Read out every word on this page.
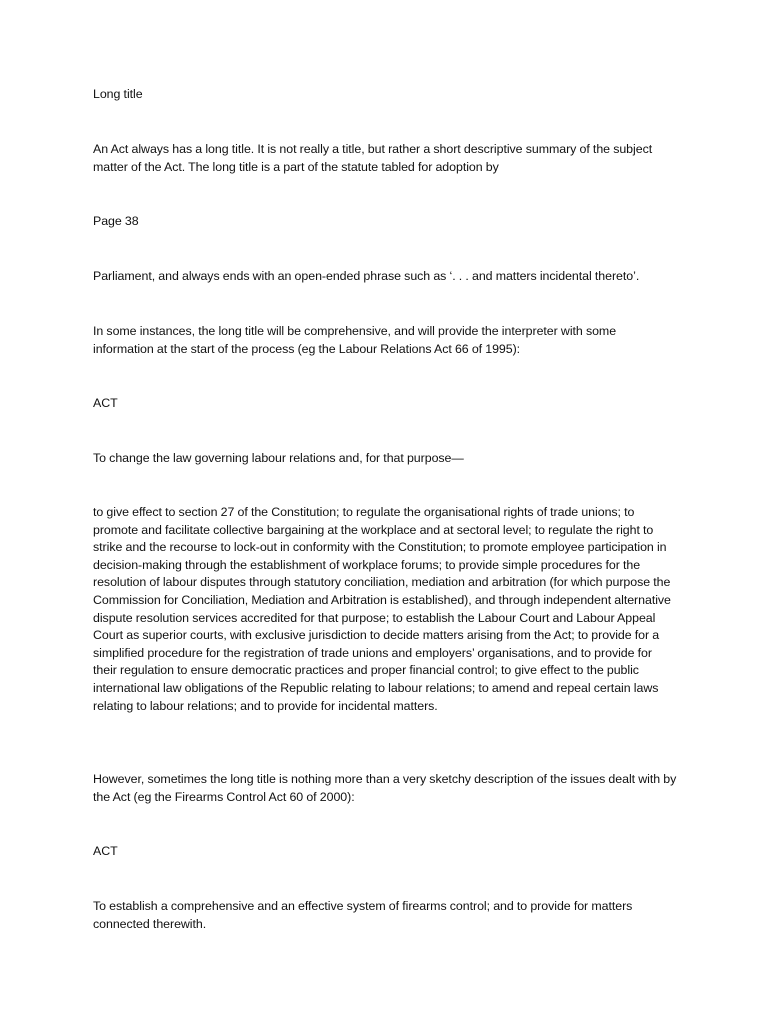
Long title

An Act always has a long title. It is not really a title, but rather a short descriptive summary of the subject matter of the Act. The long title is a part of the statute tabled for adoption by

Page 38

Parliament, and always ends with an open-ended phrase such as ‘. . . and matters incidental thereto’.

In some instances, the long title will be comprehensive, and will provide the interpreter with some information at the start of the process (eg the Labour Relations Act 66 of 1995):

ACT

To change the law governing labour relations and, for that purpose—

to give effect to section 27 of the Constitution; to regulate the organisational rights of trade unions; to promote and facilitate collective bargaining at the workplace and at sectoral level; to regulate the right to strike and the recourse to lock-out in conformity with the Constitution; to promote employee participation in decision-making through the establishment of workplace forums; to provide simple procedures for the resolution of labour disputes through statutory conciliation, mediation and arbitration (for which purpose the Commission for Conciliation, Mediation and Arbitration is established), and through independent alternative dispute resolution services accredited for that purpose; to establish the Labour Court and Labour Appeal Court as superior courts, with exclusive jurisdiction to decide matters arising from the Act; to provide for a simplified procedure for the registration of trade unions and employers’ organisations, and to provide for their regulation to ensure democratic practices and proper financial control; to give effect to the public international law obligations of the Republic relating to labour relations; to amend and repeal certain laws relating to labour relations; and to provide for incidental matters.

However, sometimes the long title is nothing more than a very sketchy description of the issues dealt with by the Act (eg the Firearms Control Act 60 of 2000):

ACT

To establish a comprehensive and an effective system of firearms control; and to provide for matters connected therewith.
